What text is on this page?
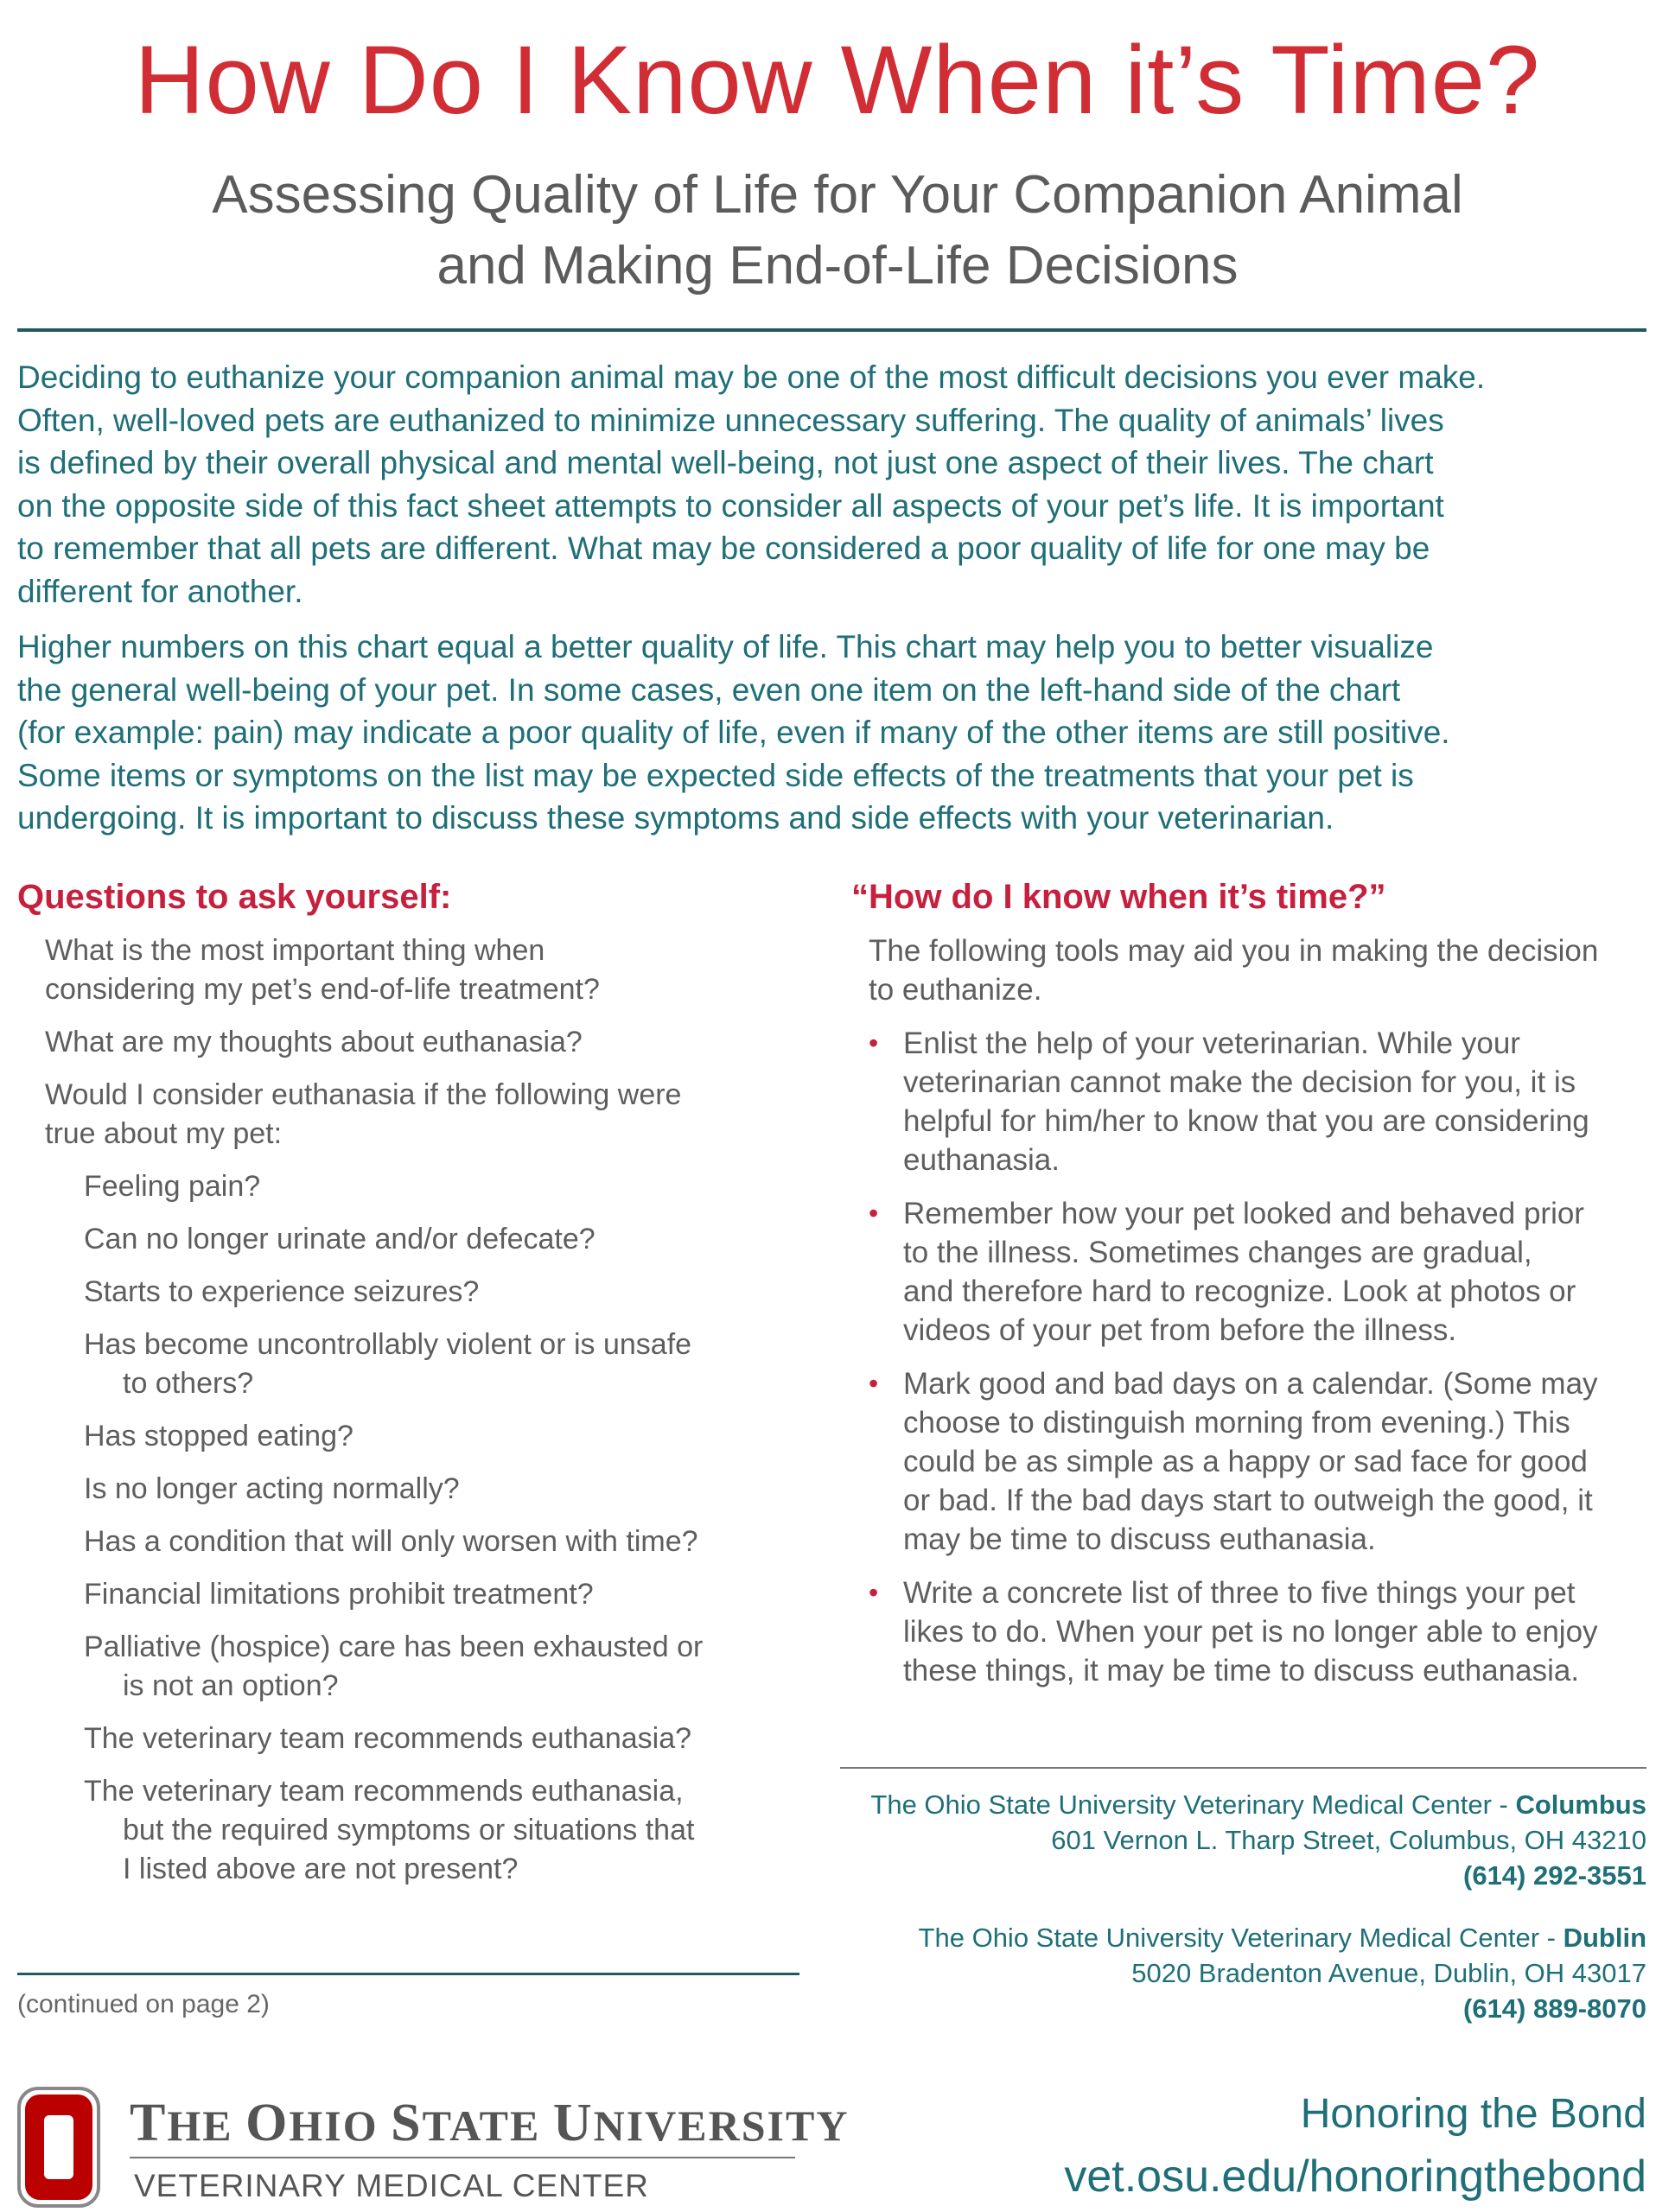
How Do I Know When it’s Time?
Assessing Quality of Life for Your Companion Animal
and Making End-of-Life Decisions

Deciding to euthanize your companion animal may be one of the most difficult decisions you ever make.
Often, well-loved pets are euthanized to minimize unnecessary suffering. The quality of animals’ lives
is defined by their overall physical and mental well-being, not just one aspect of their lives. The chart
on the opposite side of this fact sheet attempts to consider all aspects of your pet’s life. It is important
to remember that all pets are different. What may be considered a poor quality of life for one may be
different for another.

Higher numbers on this chart equal a better quality of life. This chart may help you to better visualize
the general well-being of your pet. In some cases, even one item on the left-hand side of the chart
(for example: pain) may indicate a poor quality of life, even if many of the other items are still positive.
Some items or symptoms on the list may be expected side effects of the treatments that your pet is
undergoing. It is important to discuss these symptoms and side effects with your veterinarian.

Questions to ask yourself:	“How do I know when it’s time?”
What is the most important thing when
considering my pet’s end-of-life treatment?
What are my thoughts about euthanasia?
Would I consider euthanasia if the following were
true about my pet:
Feeling pain?
Can no longer urinate and/or defecate?
Starts to experience seizures?
Has become uncontrollably violent or is unsafe
to others?
Has stopped eating?
Is no longer acting normally?
Has a condition that will only worsen with time?
Financial limitations prohibit treatment?
Palliative (hospice) care has been exhausted or
is not an option?
The veterinary team recommends euthanasia?
The veterinary team recommends euthanasia,
but the required symptoms or situations that
I listed above are not present?
The following tools may aid you in making the decision
to euthanize.
• Enlist the help of your veterinarian. While your
veterinarian cannot make the decision for you, it is
helpful for him/her to know that you are considering
euthanasia.
• Remember how your pet looked and behaved prior
to the illness. Sometimes changes are gradual,
and therefore hard to recognize. Look at photos or
videos of your pet from before the illness.
• Mark good and bad days on a calendar. (Some may
choose to distinguish morning from evening.) This
could be as simple as a happy or sad face for good
or bad. If the bad days start to outweigh the good, it
may be time to discuss euthanasia.
• Write a concrete list of three to five things your pet
likes to do. When your pet is no longer able to enjoy
these things, it may be time to discuss euthanasia.
The Ohio State University Veterinary Medical Center - Columbus
601 Vernon L. Tharp Street, Columbus, OH 43210
(614) 292-3551
The Ohio State University Veterinary Medical Center - Dublin
5020 Bradenton Avenue, Dublin, OH 43017
(614) 889-8070
(continued on page 2)
THE OHIO STATE UNIVERSITY
VETERINARY MEDICAL CENTER
Honoring the Bond
vet.osu.edu/honoringthebond
